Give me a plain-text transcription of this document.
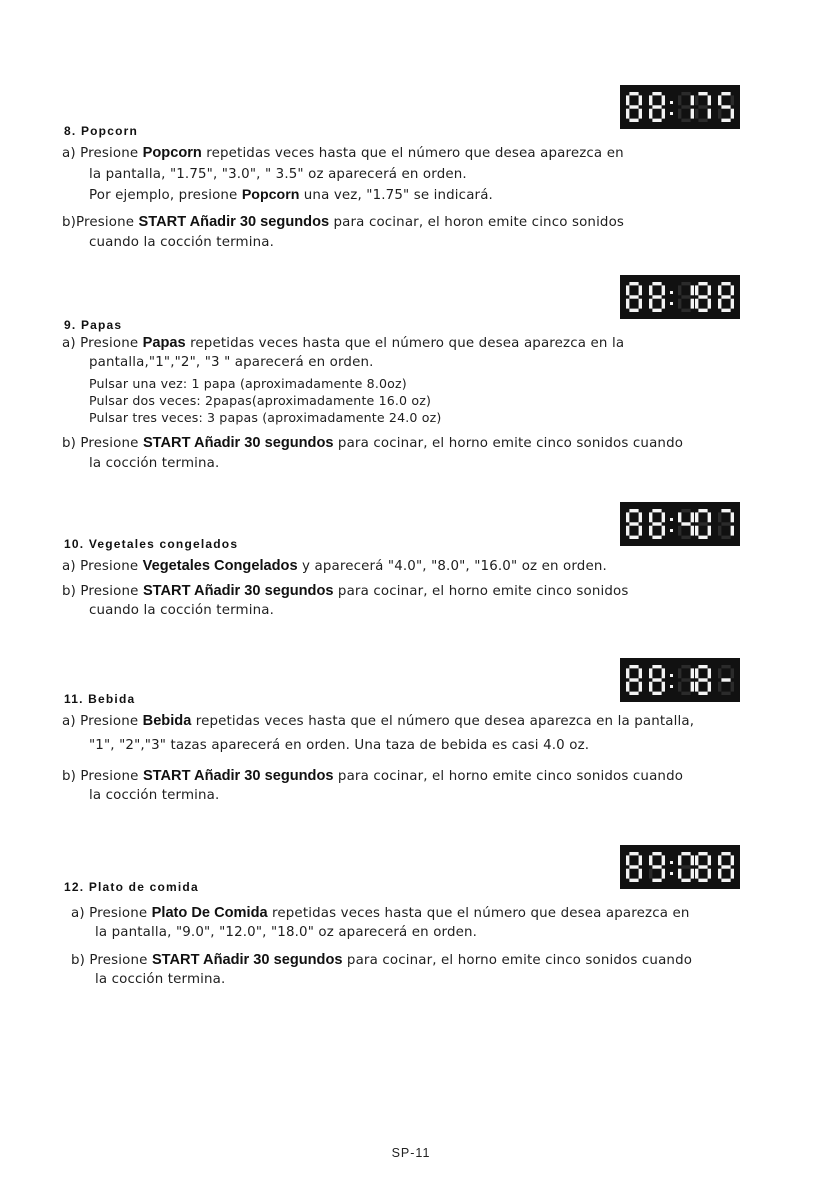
8. Popcorn
a) Presione Popcorn repetidas veces hasta que el número que desea aparezca en
la pantalla, "1.75", "3.0", " 3.5" oz aparecerá en orden.
Por ejemplo, presione Popcorn una vez, "1.75" se indicará.
b)Presione START Añadir 30 segundos para cocinar, el horon emite cinco sonidos
cuando la cocción termina.
9. Papas
a) Presione Papas repetidas veces hasta que el número que desea aparezca en la
pantalla,"1","2", "3 " aparecerá en orden.
Pulsar una vez: 1 papa (aproximadamente 8.0oz)
Pulsar dos veces: 2papas(aproximadamente 16.0 oz)
Pulsar tres veces: 3 papas (aproximadamente 24.0 oz)
b) Presione START Añadir 30 segundos para cocinar, el horno emite cinco sonidos cuando
la cocción termina.
10. Vegetales congelados
a) Presione Vegetales Congelados y aparecerá "4.0", "8.0", "16.0" oz en orden.
b) Presione START Añadir 30 segundos para cocinar, el horno emite cinco sonidos
cuando la cocción termina.
11. Bebida
a) Presione Bebida repetidas veces hasta que el número que desea aparezca en la pantalla,
"1", "2","3" tazas aparecerá en orden. Una taza de bebida es casi 4.0 oz.
b) Presione START Añadir 30 segundos para cocinar, el horno emite cinco sonidos cuando
la cocción termina.
12. Plato de comida
a) Presione Plato De Comida repetidas veces hasta que el número que desea aparezca en
la pantalla, "9.0", "12.0", "18.0" oz aparecerá en orden.
b) Presione START Añadir 30 segundos para cocinar, el horno emite cinco sonidos cuando
la cocción termina.
SP-11
